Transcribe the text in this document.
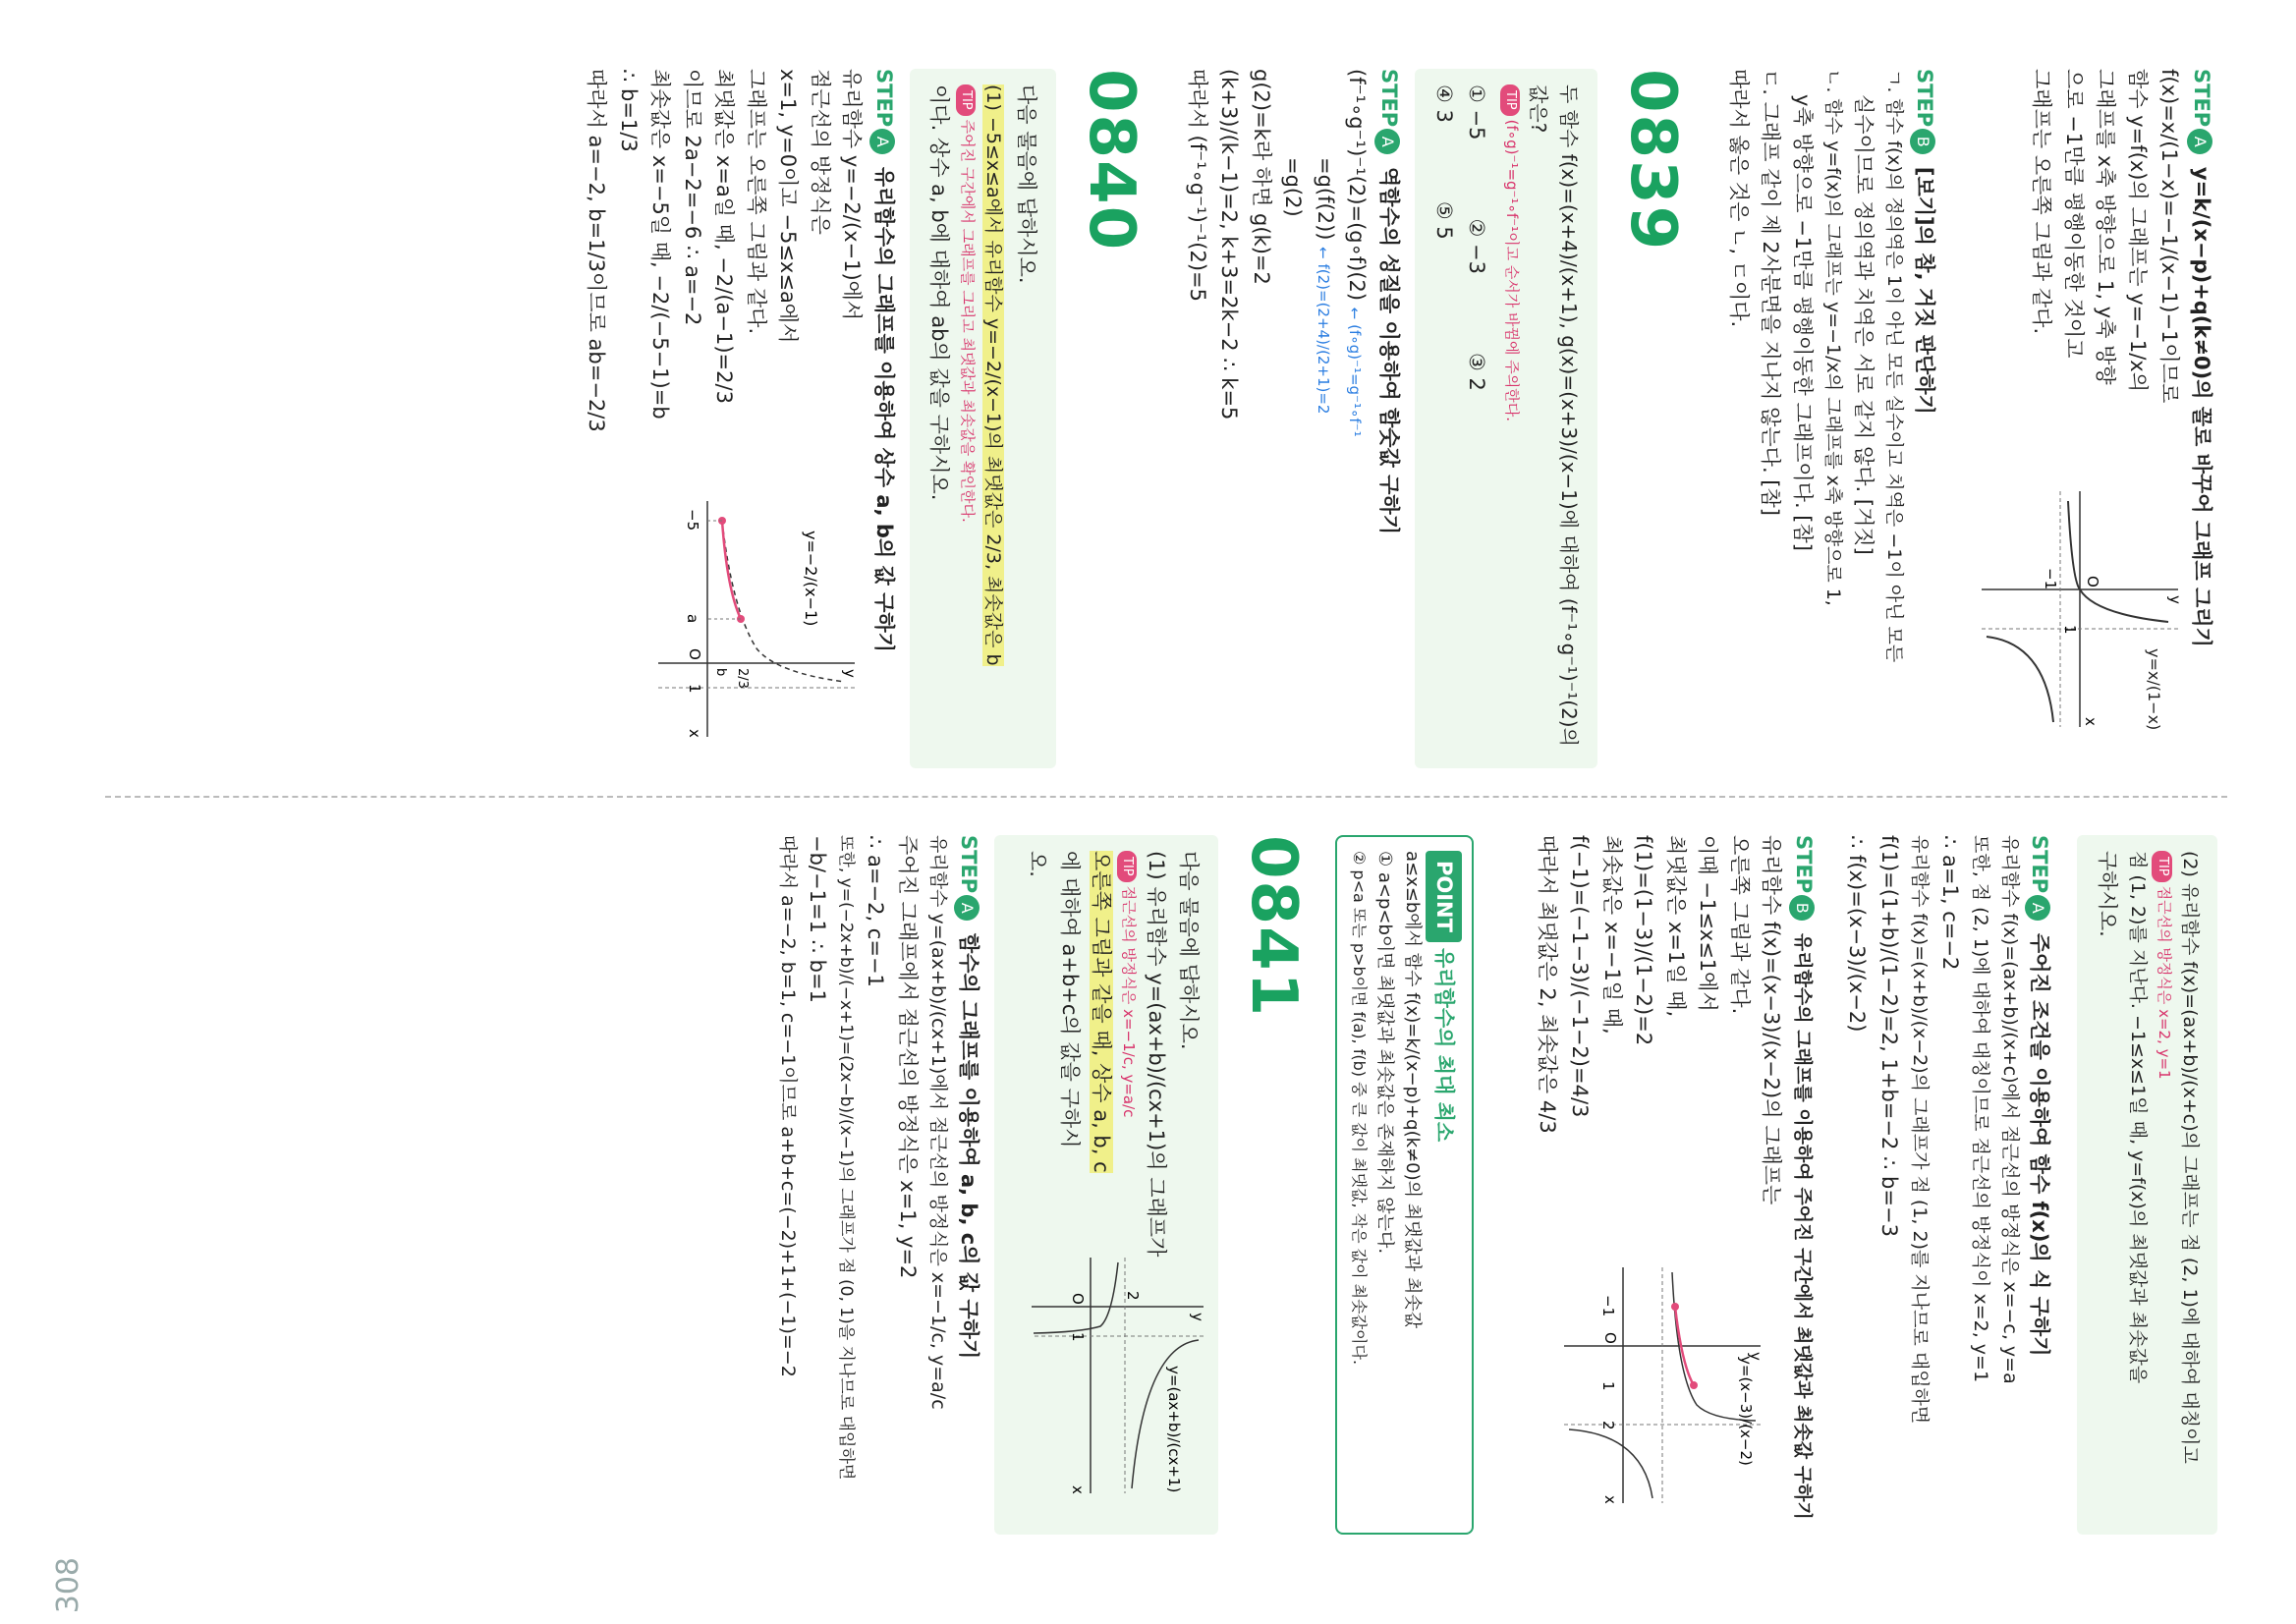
STEPA y=k/(x−p)+q(k≠0)의 꼴로 바꾸어 그래프 그리기
f(x)=x/(1−x)=−1/(x−1)−1이므로
함수 y=f(x)의 그래프는 y=−1/x의
그래프를 x축 방향으로 1, y축 방향
으로 −1만큼 평행이동한 것이고
그래프는 오른쪽 그림과 같다.
y=x/(1−x)
−1 O
1
x
y
STEPB [보기]의 참, 거짓 판단하기
ㄱ. 함수 f(x)의 정의역은 1이 아닌 모든 실수이고 치역은 −1이 아닌 모든
실수이므로 정의역과 치역은 서로 같지 않다. [거짓]
ㄴ. 함수 y=f(x)의 그래프는 y=−1/x의 그래프를 x축 방향으로 1,
y축 방향으로 −1만큼 평행이동한 그래프이다. [참]
ㄷ. 그래프 같이 제 2사분면을 지나지 않는다. [참]
따라서 옳은 것은 ㄴ, ㄷ이다.
0839
두 함수 f(x)=(x+4)/(x+1), g(x)=(x+3)/(x−1)에 대하여 (f⁻¹∘g⁻¹)⁻¹(2)의 값은?
TIP(f∘g)⁻¹=g⁻¹∘f⁻¹이고 순서가 바뀜에 주의한다.
① −5
② −3
③ 2
④ 3
⑤ 5
STEPA 역함수의 성질을 이용하여 함숫값 구하기
(f⁻¹∘g⁻¹)⁻¹(2)=(g∘f)(2) ← (f∘g)⁻¹=g⁻¹∘f⁻¹
=g(f(2)) ← f(2)=(2+4)/(2+1)=2
=g(2)
g(2)=k라 하면 g(k)=2
(k+3)/(k−1)=2, k+3=2k−2 ∴ k=5
따라서 (f⁻¹∘g⁻¹)⁻¹(2)=5
0840
다음 물음에 답하시오.
(1) −5≤x≤a에서 유리함수 y=−2/(x−1)의 최댓값은 2/3, 최솟값은 b
TIP주어진 구간에서 그래프를 그리고 최댓값과 최솟값을 확인한다.
이다. 상수 a, b에 대하여 ab의 값을 구하시오.
STEPA 유리함수의 그래프를 이용하여 상수 a, b의 값 구하기
유리함수 y=−2/(x−1)에서
점근선의 방정식은
x=1, y=0이고 −5≤x≤a에서
그래프는 오른쪽 그림과 같다.
최댓값은 x=a일 때, −2/(a−1)=2/3
이므로 2a−2=−6 ∴ a=−2
최솟값은 x=−5일 때, −2/(−5−1)=b
∴ b=1/3
따라서 a=−2, b=1/3이므로 ab=−2/3
y=−2/(x−1)
−5
a
O
1 2/3
b
x
y
(2) 유리함수 f(x)=(ax+b)/(x+c)의 그래프는 점 (2, 1)에 대하여 대칭이고
TIP점근선의 방정식은 x=2, y=1
점 (1, 2)를 지난다. −1≤x≤1일 때, y=f(x)의 최댓값과 최솟값을
구하시오.
STEPA 주어진 조건을 이용하여 함수 f(x)의 식 구하기
유리함수 f(x)=(ax+b)/(x+c)에서 점근선의 방정식은 x=−c, y=a
또한, 점 (2, 1)에 대하여 대칭이므로 점근선의 방정식이 x=2, y=1
∴ a=1, c=−2
유리함수 f(x)=(x+b)/(x−2)의 그래프가 점 (1, 2)를 지나므로 대입하면
f(1)=(1+b)/(1−2)=2, 1+b=−2 ∴ b=−3
∴ f(x)=(x−3)/(x−2)
STEPB 유리함수의 그래프를 이용하여 주어진 구간에서 최댓값과 최솟값 구하기
유리함수 f(x)=(x−3)/(x−2)의 그래프는
오른쪽 그림과 같다.
이때 −1≤x≤1에서
최댓값은 x=1일 때,
f(1)=(1−3)/(1−2)=2
최솟값은 x=−1일 때,
f(−1)=(−1−3)/(−1−2)=4/3
따라서 최댓값은 2, 최솟값은 4/3
y=(x−3)/(x−2)
−1
O
1
2
x
y
POINT유리함수의 최대 최소
a≤x≤b에서 함수 f(x)=k/(x−p)+q(k≠0)의 최댓값과 최솟값
① a<p<b이면 최댓값과 최솟값은 존재하지 않는다.
② p<a 또는 p>b이면 f(a), f(b) 중 큰 값이 최댓값, 작은 값이 최솟값이다.
0841
다음 물음에 답하시오.
(1) 유리함수 y=(ax+b)/(cx+1)의 그래프가
TIP점근선의 방정식은 x=−1/c, y=a/c
오른쪽 그림과 같을 때, 상수 a, b, c
에 대하여 a+b+c의 값을 구하시
오.
y=(ax+b)/(cx+1)
O
1
2
x
y
STEPA 함수의 그래프를 이용하여 a, b, c의 값 구하기
유리함수 y=(ax+b)/(cx+1)에서 점근선의 방정식은 x=−1/c, y=a/c
주어진 그래프에서 점근선의 방정식은 x=1, y=2
∴ a=−2, c=−1
또한, y=(−2x+b)/(−x+1)=(2x−b)/(x−1)의 그래프가 점 (0, 1)을 지나므로 대입하면
−b/−1=1 ∴ b=1
따라서 a=−2, b=1, c=−1이므로 a+b+c=(−2)+1+(−1)=−2
308
